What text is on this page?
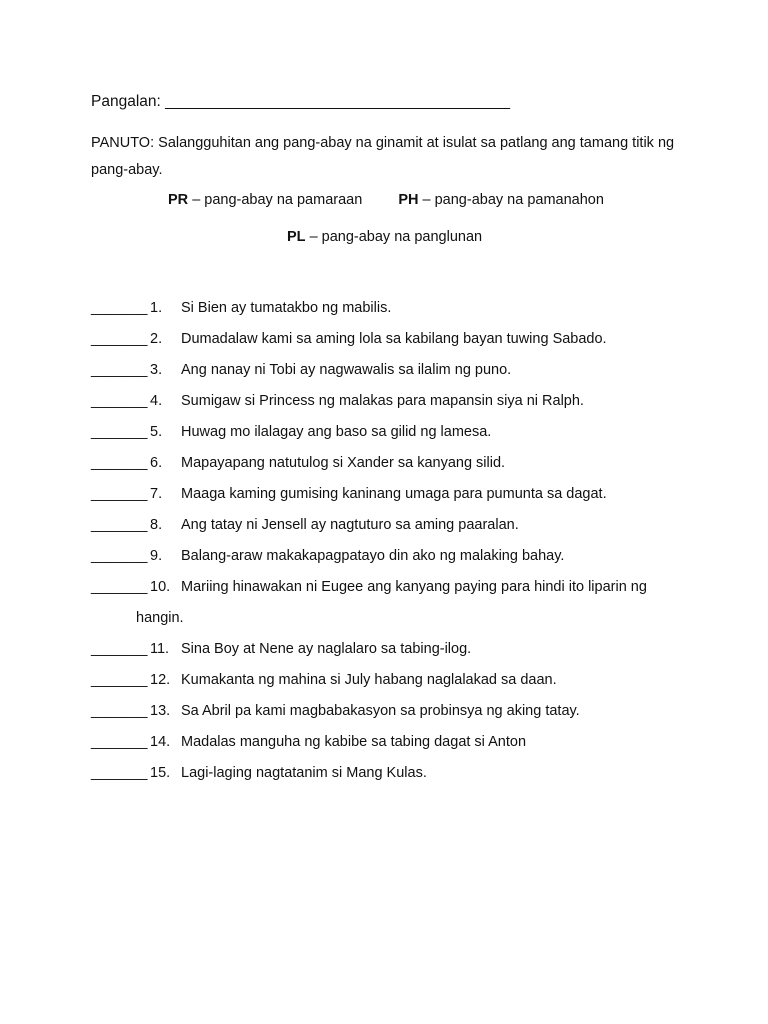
Pangalan: ________________________________________
PANUTO: Salangguhitan ang pang-abay na ginamit at isulat sa patlang ang tamang titik ng pang-abay.
PR – pang-abay na pamaraan PH – pang-abay na pamanahon
PL – pang-abay na panglunan
_______ 1. Si Bien ay tumatakbo ng mabilis.
_______ 2. Dumadalaw kami sa aming lola sa kabilang bayan tuwing Sabado.
_______ 3. Ang nanay ni Tobi ay nagwawalis sa ilalim ng puno.
_______ 4. Sumigaw si Princess ng malakas para mapansin siya ni Ralph.
_______ 5. Huwag mo ilalagay ang baso sa gilid ng lamesa.
_______ 6. Mapayapang natutulog si Xander sa kanyang silid.
_______ 7. Maaga kaming gumising kaninang umaga para pumunta sa dagat.
_______ 8. Ang tatay ni Jensell ay nagtuturo sa aming paaralan.
_______ 9. Balang-araw makakapagpatayo din ako ng malaking bahay.
_______ 10. Mariing hinawakan ni Eugee ang kanyang paying para hindi ito liparin ng
hangin.
_______ 11. Sina Boy at Nene ay naglalaro sa tabing-ilog.
_______ 12. Kumakanta ng mahina si July habang naglalakad sa daan.
_______ 13. Sa Abril pa kami magbabakasyon sa probinsya ng aking tatay.
_______ 14. Madalas manguha ng kabibe sa tabing dagat si Anton
_______ 15. Lagi-laging nagtatanim si Mang Kulas.
